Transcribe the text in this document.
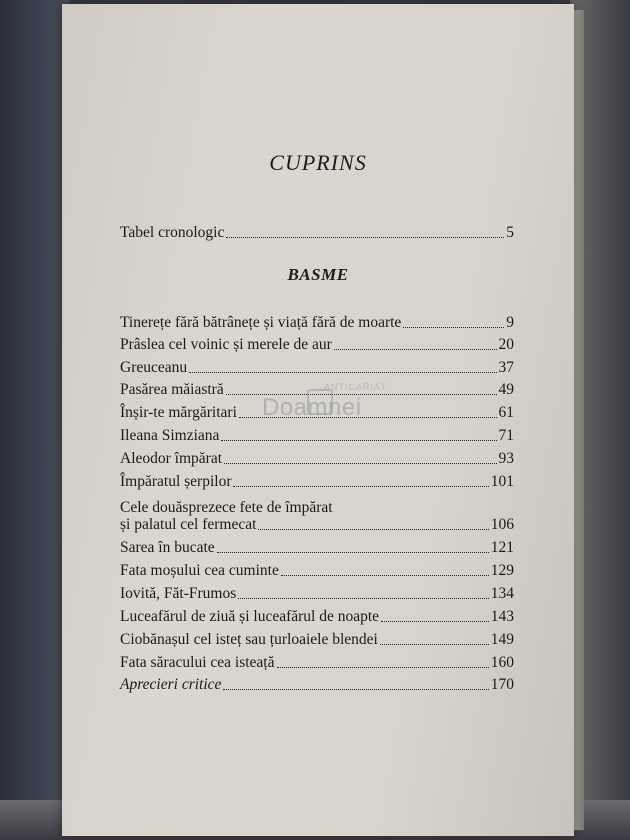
CUPRINS
Tabel cronologic	5
BASME
Tinerețe fără bătrânețe și viață fără de moarte	9
Prâslea cel voinic și merele de aur	20
Greuceanu	37
Pasărea măiastră	49
Înșir-te mărgăritari	61
Ileana Simziana	71
Aleodor împărat	93
Împăratul șerpilor	101
Cele douăsprezece fete de împărat
și palatul cel fermecat	106
Sarea în bucate	121
Fata moșului cea cuminte	129
Iovită, Făt-Frumos	134
Luceafărul de ziuă și luceafărul de noapte	143
Ciobănașul cel isteț sau țurloaiele blendei	149
Fata săracului cea isteață	160
Aprecieri critice	170
ANTICARIAT
Doamnei
